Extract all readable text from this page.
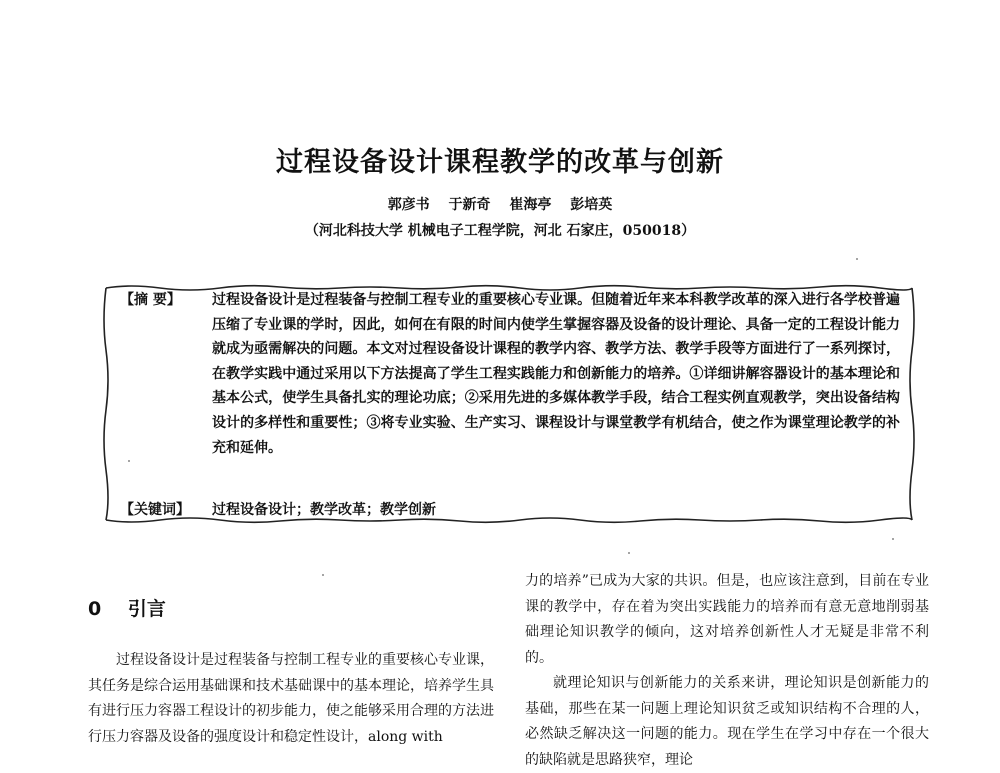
过程设备设计课程教学的改革与创新
郭彦书 于新奇 崔海亭 彭培英
（河北科技大学 机械电子工程学院，河北 石家庄，050018）
【摘 要】 过程设备设计是过程装备与控制工程专业的重要核心专业课。但随着近年来本科教学改革的深入进行各学校普遍压缩了专业课的学时，因此，如何在有限的时间内使学生掌握容器及设备的设计理论、具备一定的工程设计能力就成为亟需解决的问题。本文对过程设备设计课程的教学内容、教学方法、教学手段等方面进行了一系列探讨，在教学实践中通过采用以下方法提高了学生工程实践能力和创新能力的培养。①详细讲解容器设计的基本理论和基本公式，使学生具备扎实的理论功底；②采用先进的多媒体教学手段，结合工程实例直观教学，突出设备结构设计的多样性和重要性；③将专业实验、生产实习、课程设计与课堂教学有机结合，使之作为课堂理论教学的补充和延伸。
【关键词】 过程设备设计；教学改革；教学创新
0 引言

过程设备设计是过程装备与控制工程专业的重要核心专业课，其任务是综合运用基础课和技术基础课中的基本理论，培养学生具有进行压力容器工程设计的初步能力，使之能够采用合理的方法进行压力容器及设备的强度设计和稳定性设计，along with

力的培养”已成为大家的共识。但是，也应该注意到，目前在专业课的教学中，存在着为突出实践能力的培养而有意无意地削弱基础理论知识教学的倾向，这对培养创新性人才无疑是非常不利的。

就理论知识与创新能力的关系来讲，理论知识是创新能力的基础，那些在某一问题上理论知识贫乏或知识结构不合理的人，必然缺乏解决这一问题的能力。现在学生在学习中存在一个很大的缺陷就是思路狭窄，理论
